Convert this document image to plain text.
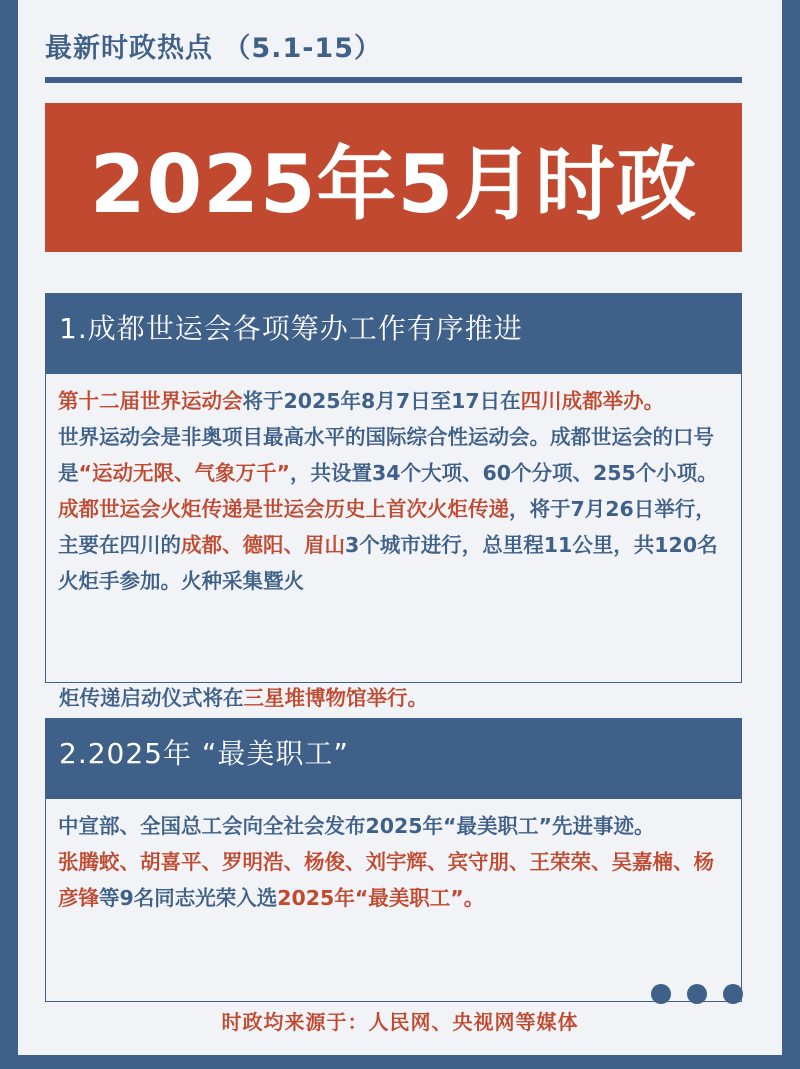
最新时政热点 （5.1-15）
2025年5月时政
1.成都世运会各项筹办工作有序推进

第十二届世界运动会将于2025年8月7日至17日在四川成都举办。

世界运动会是非奥项目最高水平的国际综合性运动会。成都世运会的口号是“运动无限、气象万千”，共设置34个大项、60个分项、255个小项。

成都世运会火炬传递是世运会历史上首次火炬传递，将于7月26日举行，主要在四川的成都、德阳、眉山3个城市进行，总里程11公里，共120名火炬手参加。火种采集暨火

炬传递启动仪式将在三星堆博物馆举行。
2.2025年 “最美职工”

中宣部、全国总工会向全社会发布2025年“最美职工”先进事迹。

张腾蛟、胡喜平、罗明浩、杨俊、刘宇辉、宾守朋、王荣荣、吴嘉楠、杨彦锋等9名同志光荣入选2025年“最美职工”。

时政均来源于：人民网、央视网等媒体
